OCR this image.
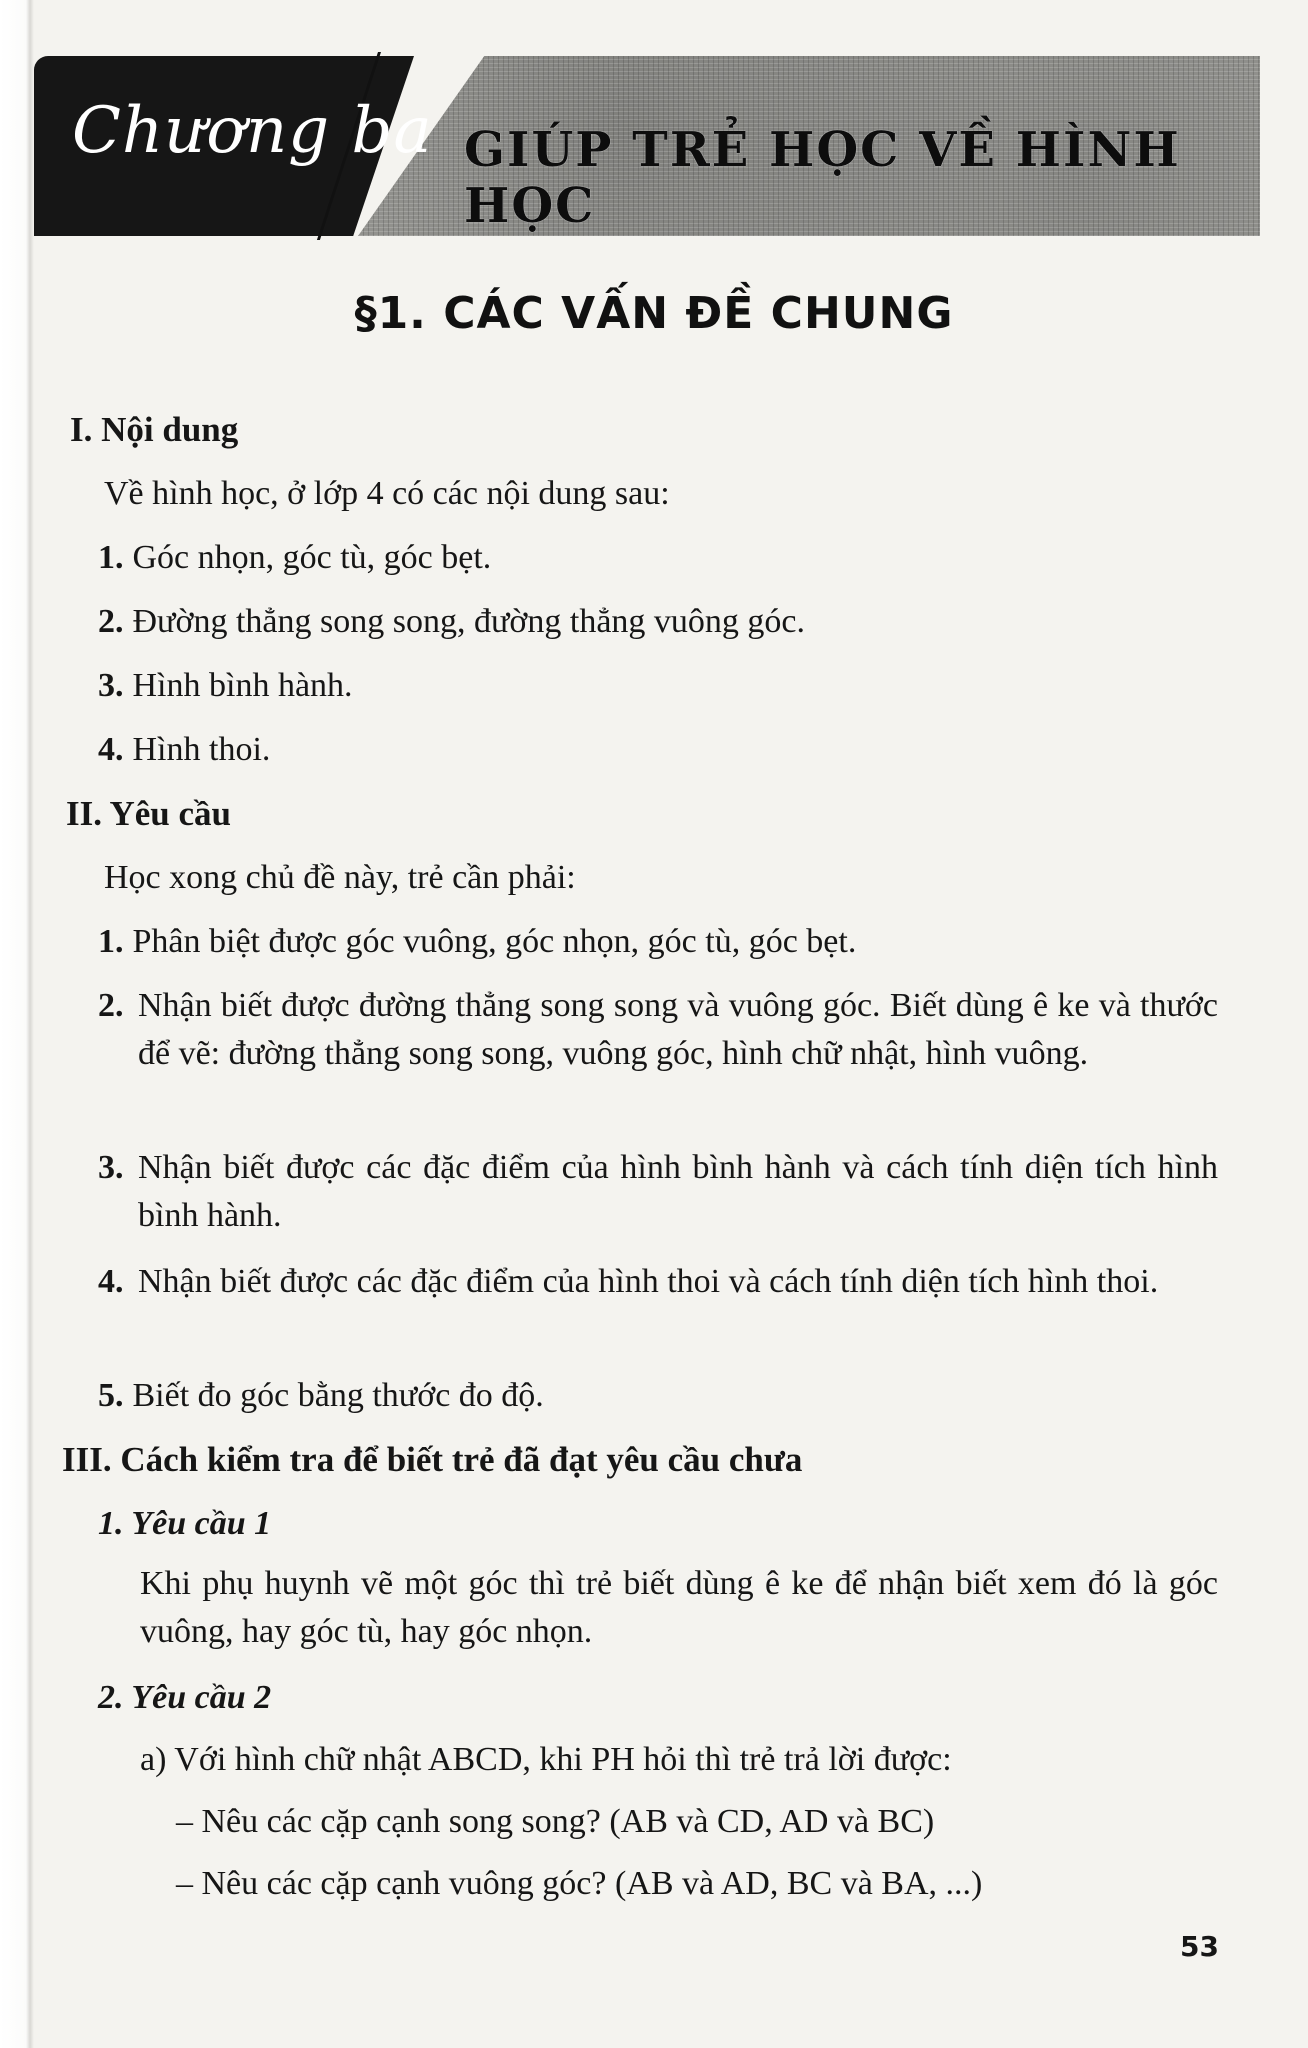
Chương ba GIÚP TRẺ HỌC VỀ HÌNH HỌC
§1. CÁC VẤN ĐỀ CHUNG
I. Nội dung
Về hình học, ở lớp 4 có các nội dung sau:
1. Góc nhọn, góc tù, góc bẹt.
2. Đường thẳng song song, đường thẳng vuông góc.
3. Hình bình hành.
4. Hình thoi.
II. Yêu cầu
Học xong chủ đề này, trẻ cần phải:
1. Phân biệt được góc vuông, góc nhọn, góc tù, góc bẹt.
2. Nhận biết được đường thẳng song song và vuông góc. Biết dùng ê ke và thước để vẽ: đường thẳng song song, vuông góc, hình chữ nhật, hình vuông.
3. Nhận biết được các đặc điểm của hình bình hành và cách tính diện tích hình bình hành.
4. Nhận biết được các đặc điểm của hình thoi và cách tính diện tích hình thoi.
5. Biết đo góc bằng thước đo độ.
III. Cách kiểm tra để biết trẻ đã đạt yêu cầu chưa
1. Yêu cầu 1
Khi phụ huynh vẽ một góc thì trẻ biết dùng ê ke để nhận biết xem đó là góc vuông, hay góc tù, hay góc nhọn.
2. Yêu cầu 2
a) Với hình chữ nhật ABCD, khi PH hỏi thì trẻ trả lời được:
– Nêu các cặp cạnh song song? (AB và CD, AD và BC)
– Nêu các cặp cạnh vuông góc? (AB và AD, BC và BA, ...)
53
